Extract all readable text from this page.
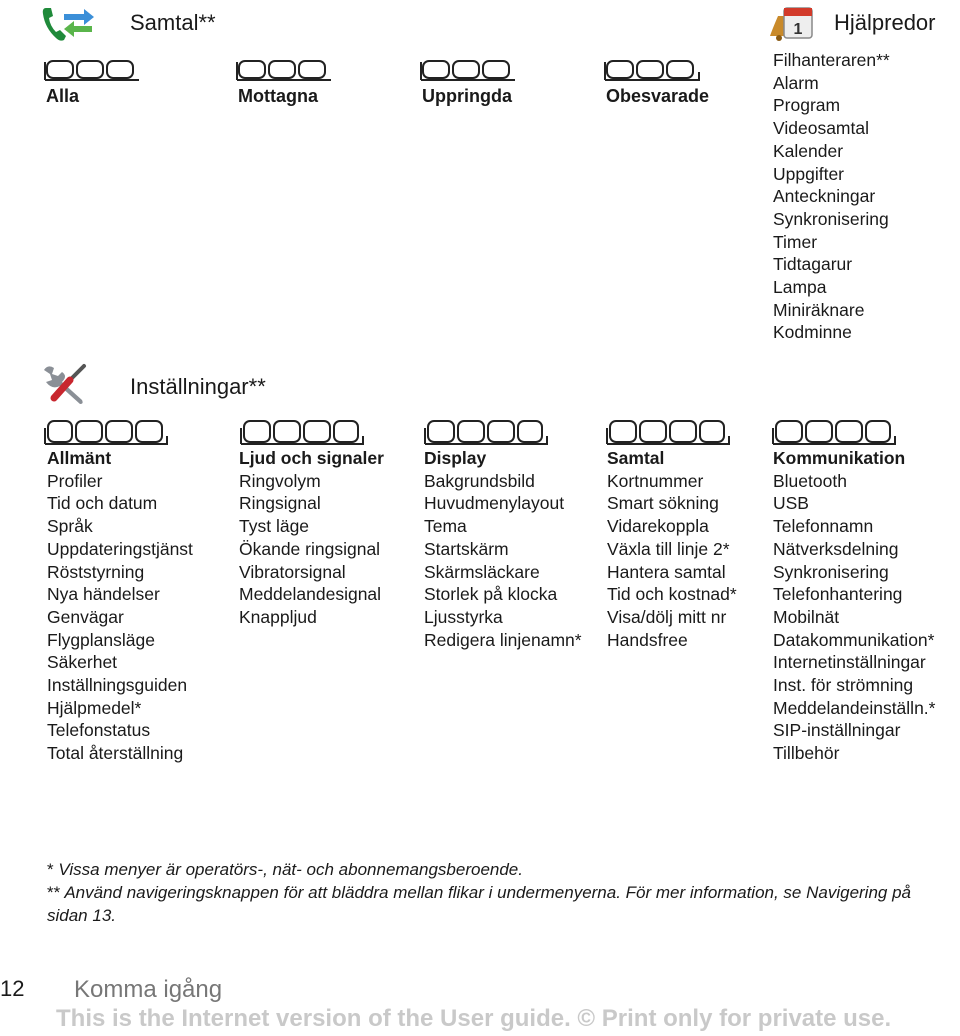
Samtal**
Alla	Mottagna	Uppringda	Obesvarade
1 Hjälpredor
Filhanteraren**
Alarm
Program
Videosamtal
Kalender
Uppgifter
Anteckningar
Synkronisering
Timer
Tidtagarur
Lampa
Miniräknare
Kodminne
Inställningar**
Allmänt
Profiler
Tid och datum
Språk
Uppdateringstjänst
Röststyrning
Nya händelser
Genvägar
Flygplansläge
Säkerhet
Inställningsguiden
Hjälpmedel*
Telefonstatus
Total återställning
Ljud och signaler
Ringvolym
Ringsignal
Tyst läge
Ökande ringsignal
Vibratorsignal
Meddelandesignal
Knappljud
Display
Bakgrundsbild
Huvudmenylayout
Tema
Startskärm
Skärmsläckare
Storlek på klocka
Ljusstyrka
Redigera linjenamn*
Samtal
Kortnummer
Smart sökning
Vidarekoppla
Växla till linje 2*
Hantera samtal
Tid och kostnad*
Visa/dölj mitt nr
Handsfree
Kommunikation
Bluetooth
USB
Telefonnamn
Nätverksdelning
Synkronisering
Telefonhantering
Mobilnät
Datakommunikation*
Internetinställningar
Inst. för strömning
Meddelandeinställn.*
SIP-inställningar
Tillbehör
* Vissa menyer är operatörs-, nät- och abonnemangsberoende.
** Använd navigeringsknappen för att bläddra mellan flikar i undermenyerna. För mer information, se Navigering på sidan 13.
12 Komma igång
This is the Internet version of the User guide. © Print only for private use.
